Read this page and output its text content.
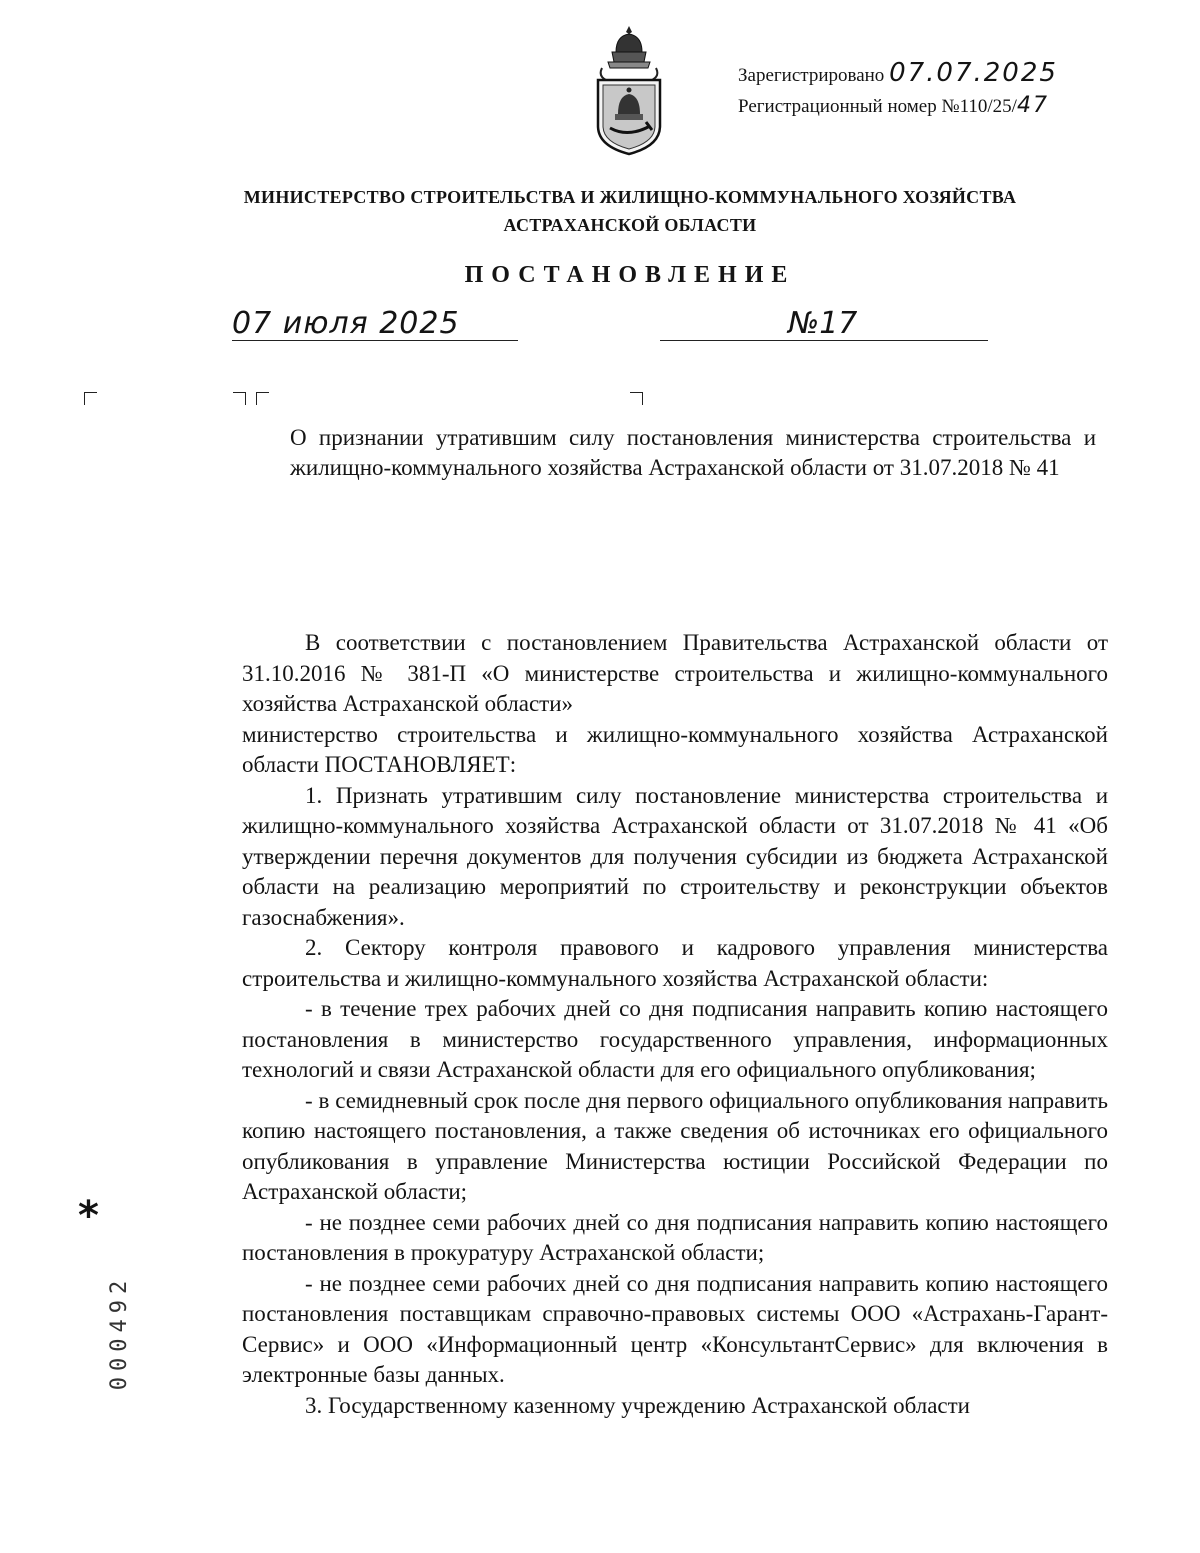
Зарегистрировано 07.07.2025
Регистрационный номер №110/25/47
МИНИСТЕРСТВО СТРОИТЕЛЬСТВА И ЖИЛИЩНО-КОММУНАЛЬНОГО ХОЗЯЙСТВА
АСТРАХАНСКОЙ ОБЛАСТИ
ПОСТАНОВЛЕНИЕ
07 июля 2025	№17
О признании утратившим силу постановления министерства строительства и жилищно-коммунального хозяйства Астраханской области от 31.07.2018 № 41

В соответствии с постановлением Правительства Астраханской области от 31.10.2016 № 381-П «О министерстве строительства и жилищно-коммунального хозяйства Астраханской области»

министерство строительства и жилищно-коммунального хозяйства Астраханской области ПОСТАНОВЛЯЕТ:

1. Признать утратившим силу постановление министерства строительства и жилищно-коммунального хозяйства Астраханской области от 31.07.2018 № 41 «Об утверждении перечня документов для получения субсидии из бюджета Астраханской области на реализацию мероприятий по строительству и реконструкции объектов газоснабжения».

2. Сектору контроля правового и кадрового управления министерства строительства и жилищно-коммунального хозяйства Астраханской области:

- в течение трех рабочих дней со дня подписания направить копию настоящего постановления в министерство государственного управления, информационных технологий и связи Астраханской области для его официального опубликования;

- в семидневный срок после дня первого официального опубликования направить копию настоящего постановления, а также сведения об источниках его официального опубликования в управление Министерства юстиции Российской Федерации по Астраханской области;

- не позднее семи рабочих дней со дня подписания направить копию настоящего постановления в прокуратуру Астраханской области;

- не позднее семи рабочих дней со дня подписания направить копию настоящего постановления поставщикам справочно-правовых системы ООО «Астрахань-Гарант-Сервис» и ООО «Информационный центр «КонсультантСервис» для включения в электронные базы данных.

3. Государственному казенному учреждению Астраханской области

*
000492
